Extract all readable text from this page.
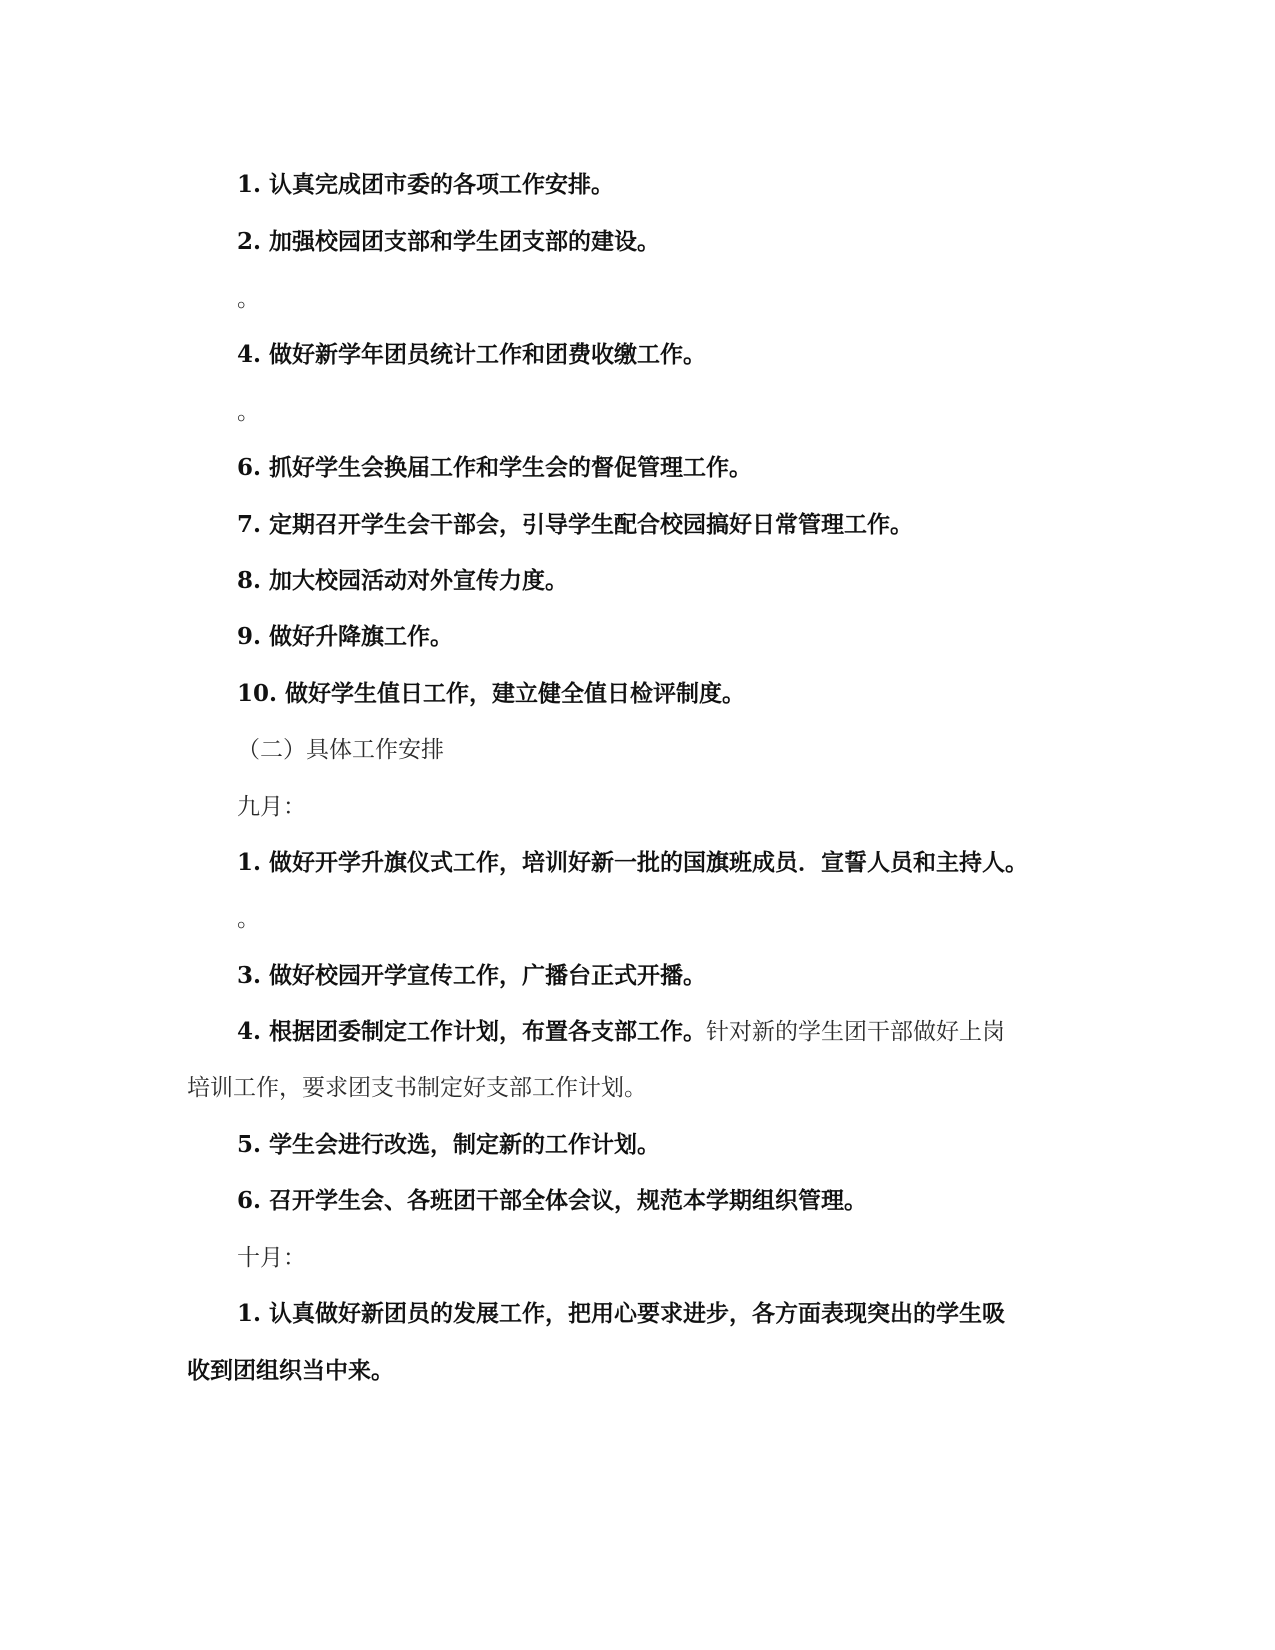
1. 认真完成团市委的各项工作安排。
2. 加强校园团支部和学生团支部的建设。
。
4. 做好新学年团员统计工作和团费收缴工作。
。
6. 抓好学生会换届工作和学生会的督促管理工作。
7. 定期召开学生会干部会，引导学生配合校园搞好日常管理工作。
8. 加大校园活动对外宣传力度。
9. 做好升降旗工作。
10. 做好学生值日工作，建立健全值日检评制度。
（二）具体工作安排
九月：
1. 做好开学升旗仪式工作，培训好新一批的国旗班成员．宣誓人员和主持人。
。
3. 做好校园开学宣传工作，广播台正式开播。
4. 根据团委制定工作计划，布置各支部工作。针对新的学生团干部做好上岗
培训工作，要求团支书制定好支部工作计划。
5. 学生会进行改选，制定新的工作计划。
6. 召开学生会、各班团干部全体会议，规范本学期组织管理。
十月：
1. 认真做好新团员的发展工作，把用心要求进步，各方面表现突出的学生吸
收到团组织当中来。
